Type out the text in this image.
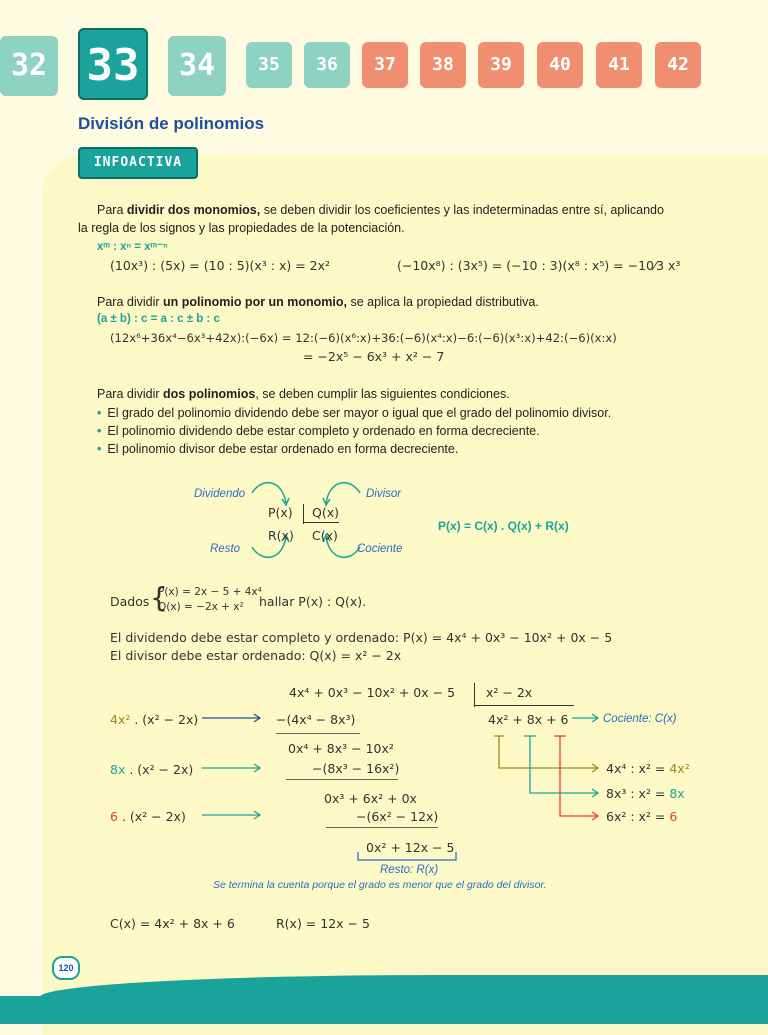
32 33	34	35	36	37	38	39	40	41	42
División de polinomios
INFOACTIVA
Para dividir dos monomios, se deben dividir los coeficientes y las indeterminadas entre sí, aplicando
la regla de los signos y las propiedades de la potenciación.
xᵐ : xⁿ = xᵐ⁻ⁿ
(10x³) : (5x) = (10 : 5)(x³ : x) = 2x²	(−10x⁸) : (3x⁵) = (−10 : 3)(x⁸ : x⁵) = −10⁄3 x³
Para dividir un polinomio por un monomio, se aplica la propiedad distributiva.
(a ± b) : c = a : c ± b : c
(12x⁶+36x⁴−6x³+42x):(−6x) = 12:(−6)(x⁶:x)+36:(−6)(x⁴:x)−6:(−6)(x³:x)+42:(−6)(x:x)
= −2x⁵ − 6x³ + x² − 7
Para dividir dos polinomios, se deben cumplir las siguientes condiciones.
• El grado del polinomio dividendo debe ser mayor o igual que el grado del polinomio divisor.
• El polinomio dividendo debe estar completo y ordenado en forma decreciente.
• El polinomio divisor debe estar ordenado en forma decreciente.
Dividendo	Divisor
Resto	Cociente
P(x) Q(x)
R(x) C(x)
P(x) = C(x) . Q(x) + R(x)
Dados {
P(x) = 2x − 5 + 4x⁴
Q(x) = −2x + x² hallar P(x) : Q(x).
El dividendo debe estar completo y ordenado: P(x) = 4x⁴ + 0x³ − 10x² + 0x − 5
El divisor debe estar ordenado: Q(x) = x² − 2x
4x⁴ + 0x³ − 10x² + 0x − 5 x² − 2x
4x² + 8x + 6	Cociente: C(x)
4x² . (x² − 2x)	−(4x⁴ − 8x³)
0x⁴ + 8x³ − 10x²
8x . (x² − 2x)	−(8x³ − 16x²)
0x³ + 6x² + 0x
6 . (x² − 2x)	−(6x² − 12x)
0x² + 12x − 5
Resto: R(x)
Se termina la cuenta porque el grado es menor que el grado del divisor.
4x⁴ : x² = 4x²
8x³ : x² = 8x
6x² : x² = 6
C(x) = 4x² + 8x + 6	R(x) = 12x − 5
120
